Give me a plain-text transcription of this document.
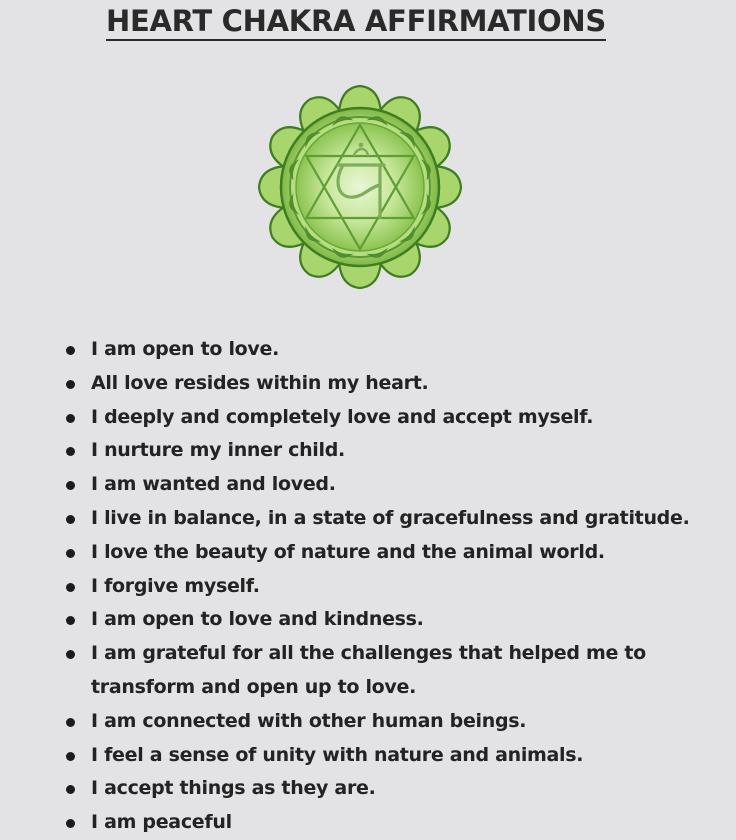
HEART CHAKRA AFFIRMATIONS
I am open to love.
All love resides within my heart.
I deeply and completely love and accept myself.
I nurture my inner child.
I am wanted and loved.
I live in balance, in a state of gracefulness and gratitude.
I love the beauty of nature and the animal world.
I forgive myself.
I am open to love and kindness.
I am grateful for all the challenges that helped me to
transform and open up to love.
I am connected with other human beings.
I feel a sense of unity with nature and animals.
I accept things as they are.
I am peaceful
